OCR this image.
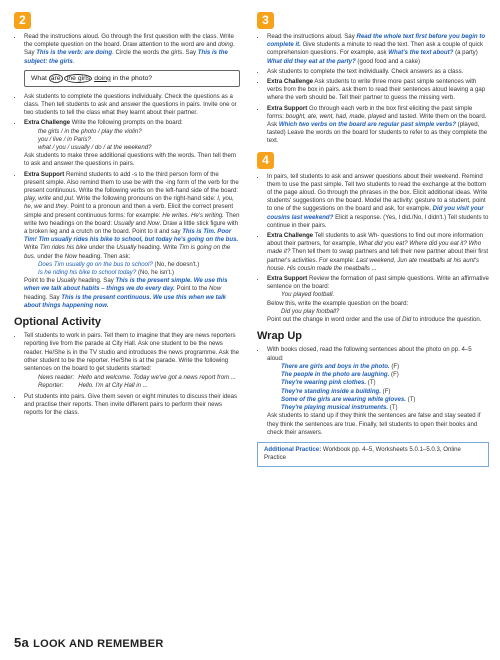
2
• Read the instructions aloud. Go through the first question with the class. Write the complete question on the board. Draw attention to the word are and doing. Say This is the verb: are doing. Circle the words the girls. Say This is the subject: the girls.
What are the girls doing in the photo?
• Ask students to complete the questions individually. Check the questions as a class. Then tell students to ask and answer the questions in pairs. Invite one or two students to tell the class what they learnt about their partner.
• Extra Challenge Write the following prompts on the board:
the girls / in the photo / play the violin?
you / live / in Paris?
what / you / usually / do / at the weekend?
Ask students to make three additional questions with the words. Then tell them to ask and answer the questions in pairs.
• Extra Support Remind students to add -s to the third person form of the present simple. Also remind them to use be with the -ing form of the verb for the present continuous. Write the following verbs on the left-hand side of the board: play, write and put. Write the following pronouns on the right-hand side: I, you, he, we and they. Point to a pronoun and then a verb. Elicit the correct present simple and present continuous forms: for example: He writes. He's writing. Then write two headings on the board: Usually and Now. Draw a little stick figure with a broken leg and a crutch on the board. Point to it and say This is Tim. Poor Tim! Tim usually rides his bike to school, but today he's going on the bus. Write Tim rides his bike under the Usually heading. Write Tim is going on the bus. under the Now heading. Then ask:
Does Tim usually go on the bus to school? (No, he doesn't.)
Is he riding his bike to school today? (No, he isn't.)
Point to the Usually heading. Say This is the present simple. We use this when we talk about habits – things we do every day. Point to the Now heading. Say This is the present continuous. We use this when we talk about things happening now.
Optional Activity
• Tell students to work in pairs. Tell them to imagine that they are news reporters reporting live from the parade at City Hall. Ask one student to be the news reader. He/She is in the TV studio and introduces the news programme. Ask the other student to be the reporter. He/She is at the parade. Write the following sentences on the board to get students started:
News reader:	Hello and welcome. Today we've got a news report from ...
Reporter:	Hello. I'm at City Hall in ...
• Put students into pairs. Give them seven or eight minutes to discuss their ideas and practise their reports. Then invite different pairs to perform their news reports for the class.
3
• Read the instructions aloud. Say Read the whole text first before you begin to complete it. Give students a minute to read the text. Then ask a couple of quick comprehension questions. For example, ask What's the text about? (a party) What did they eat at the party? (good food and a cake)
• Ask students to complete the text individually. Check answers as a class.
• Extra Challenge Ask students to write three more past simple sentences with verbs from the box in pairs. ask them to read their sentences aloud leaving a gap where the verb should be. Tell their partner to guess the missing verb.
• Extra Support Go through each verb in the box first eliciting the past simple forms: bought, ate, went, had, made, played and tasted. Write them on the board. Ask Which two verbs on the board are regular past simple verbs? (played, tasted) Leave the words on the board for students to refer to as they complete the text.
4
• In pairs, tell students to ask and answer questions about their weekend. Remind them to use the past simple. Tell two students to read the exchange at the bottom of the page aloud. Go through the phrases in the box. Elicit additional ideas. Write students' suggestions on the board. Model the activity: gesture to a student, point to one of the suggestions on the board and ask, for example, Did you visit your cousins last weekend? Elicit a response. (Yes, I did./No, I didn't.) Tell students to continue in their pairs.
• Extra Challenge Tell students to ask Wh- questions to find out more information about their partners, for example, What did you eat? Where did you eat it? Who made it? Then tell them to swap partners and tell their new partner about their first partner's activities. For example: Last weekend, Jun ate meatballs at his aunt's house. His cousin made the meatballs ...
• Extra Support Review the formation of past simple questions. Write an affirmative sentence on the board:
You played football.
Below this, write the example question on the board:
Did you play football?
Point out the change in word order and the use of Did to introduce the question.
Wrap Up
• With books closed, read the following sentences about the photo on pp. 4–5 aloud:
There are girls and boys in the photo. (F)
The people in the photo are laughing. (F)
They're wearing pink clothes. (T)
They're standing inside a building. (F)
Some of the girls are wearing white gloves. (T)
They're playing musical instruments. (T)
Ask students to stand up if they think the sentences are false and stay seated if they think the sentences are true. Finally, tell students to open their books and check their answers.
Additional Practice: Workbook pp. 4–5, Worksheets 5.0.1–5.0.3, Online Practice
5a LOOK AND REMEMBER
